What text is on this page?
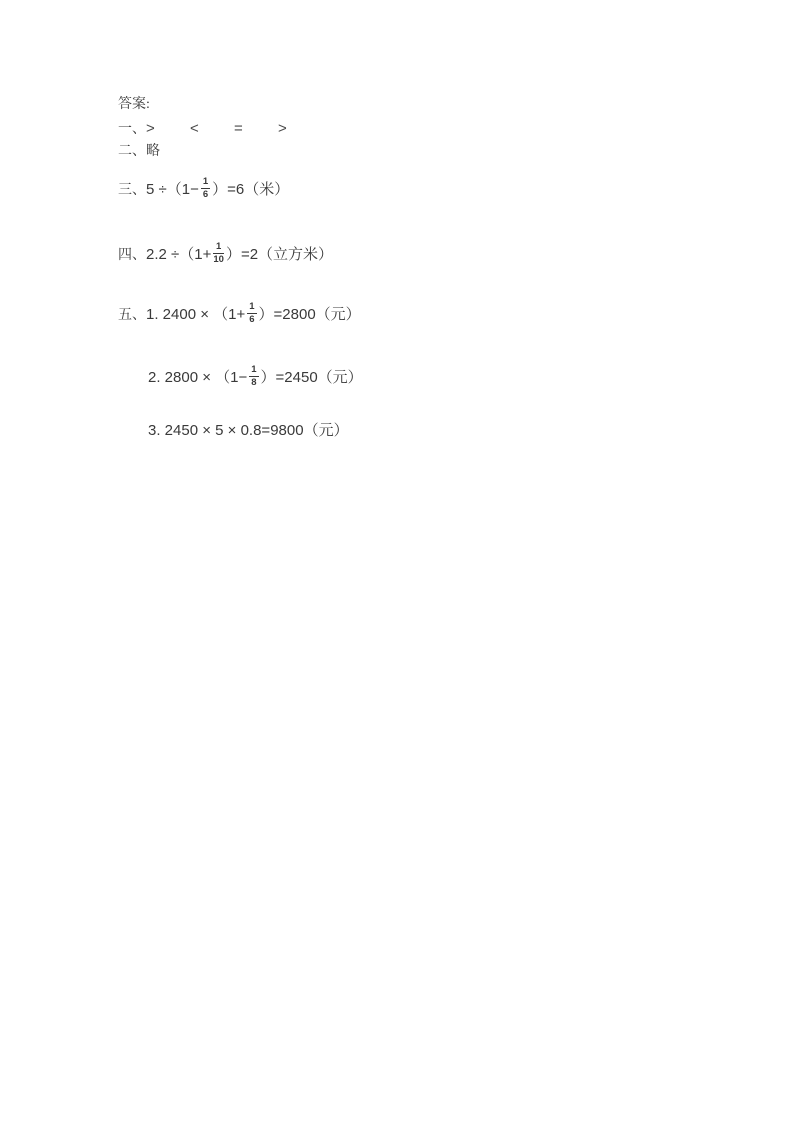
答案:
一、> < = >
二、略
三、$5 \div(1- \frac{1}{6} )=6$（米）
四、$2.2 \div(1+ \frac{1}{10} )=2$（立方米）
五、1. $2400 \times (1+ \frac{1}{6} )=2800$（元）
2. $2800 \times (1- \frac{1}{8} )=2450$（元）
3. 2450 × 5 × 0.8=9800（元）
